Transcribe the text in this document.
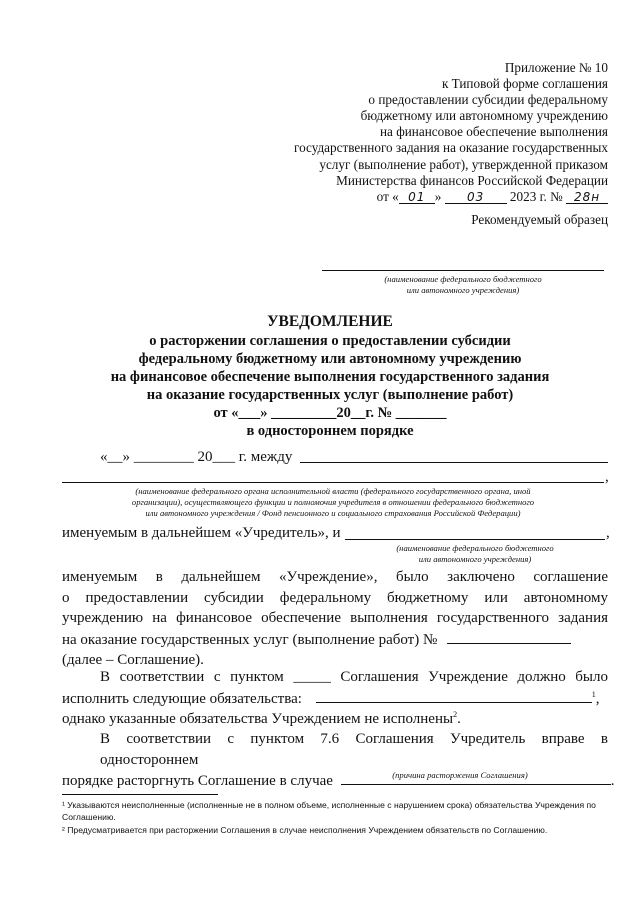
Приложение № 10
к Типовой форме соглашения
о предоставлении субсидии федеральному
бюджетному или автономному учреждению
на финансовое обеспечение выполнения
государственного задания на оказание государственных
услуг (выполнение работ), утвержденной приказом
Министерства финансов Российской Федерации
от « 01 » 03 2023 г. № 28н
Рекомендуемый образец
(наименование федерального бюджетного
или автономного учреждения)
УВЕДОМЛЕНИЕ
о расторжении соглашения о предоставлении субсидии
федеральному бюджетному или автономному учреждению
на финансовое обеспечение выполнения государственного задания
на оказание государственных услуг (выполнение работ)
от «___» _________20__г. № _______
в одностороннем порядке
«__» ________ 20___ г. между
,
(наименование федерального органа исполнительной власти (федерального государственного органа, иной
организации), осуществляющего функции и полномочия учредителя в отношении федерального бюджетного
или автономного учреждения / Фонд пенсионного и социального страхования Российской Федерации)
именуемым в дальнейшем «Учредитель», и	,
(наименование федерального бюджетного
или автономного учреждения)
именуемым в дальнейшем «Учреждение», было заключено соглашение
о предоставлении субсидии федеральному бюджетному или автономному
учреждению на финансовое обеспечение выполнения государственного задания
на оказание государственных услуг (выполнение работ) №
(далее – Соглашение).
В соответствии с пунктом _____ Соглашения Учреждение должно было
исполнить следующие обязательства:	$^1$,
однако указанные обязательства Учреждением не исполнены$^2$.
В соответствии с пунктом 7.6 Соглашения Учредитель вправе в одностороннем
порядке расторгнуть Соглашение в случае	.
(причина расторжения Соглашения)
¹ Указываются неисполненные (исполненные не в полном объеме, исполненные с нарушением срока) обязательства Учреждения по Соглашению.
² Предусматривается при расторжении Соглашения в случае неисполнения Учреждением обязательств по Соглашению.
